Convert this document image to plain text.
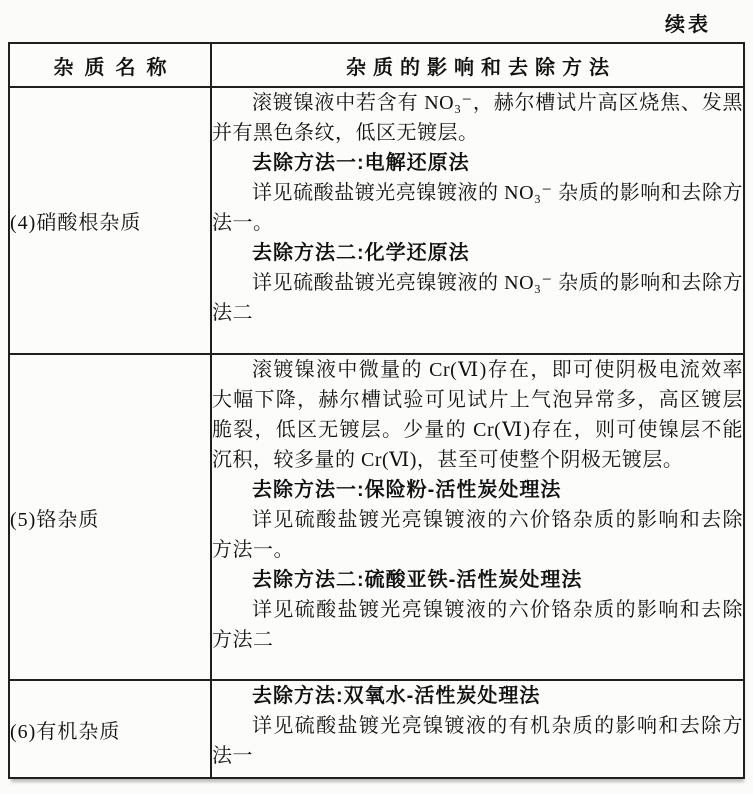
续表
杂质名称	杂质的影响和去除方法
(4)硝酸根杂质	滚镀镍液中若含有 NO₃⁻，赫尔槽试片高区烧焦、发黑并有黑色条纹，低区无镀层。

去除方法一:电解还原法

详见硫酸盐镀光亮镍镀液的 NO₃⁻ 杂质的影响和去除方法一。

去除方法二:化学还原法

详见硫酸盐镀光亮镍镀液的 NO₃⁻ 杂质的影响和去除方法二

(5)铬杂质	滚镀镍液中微量的 Cr(Ⅵ)存在，即可使阴极电流效率大幅下降，赫尔槽试验可见试片上气泡异常多，高区镀层脆裂，低区无镀层。少量的 Cr(Ⅵ)存在，则可使镍层不能沉积，较多量的 Cr(Ⅵ)，甚至可使整个阴极无镀层。

去除方法一:保险粉-活性炭处理法

详见硫酸盐镀光亮镍镀液的六价铬杂质的影响和去除方法一。

去除方法二:硫酸亚铁-活性炭处理法

详见硫酸盐镀光亮镍镀液的六价铬杂质的影响和去除方法二

(6)有机杂质	去除方法:双氧水-活性炭处理法

详见硫酸盐镀光亮镍镀液的有机杂质的影响和去除方法一
